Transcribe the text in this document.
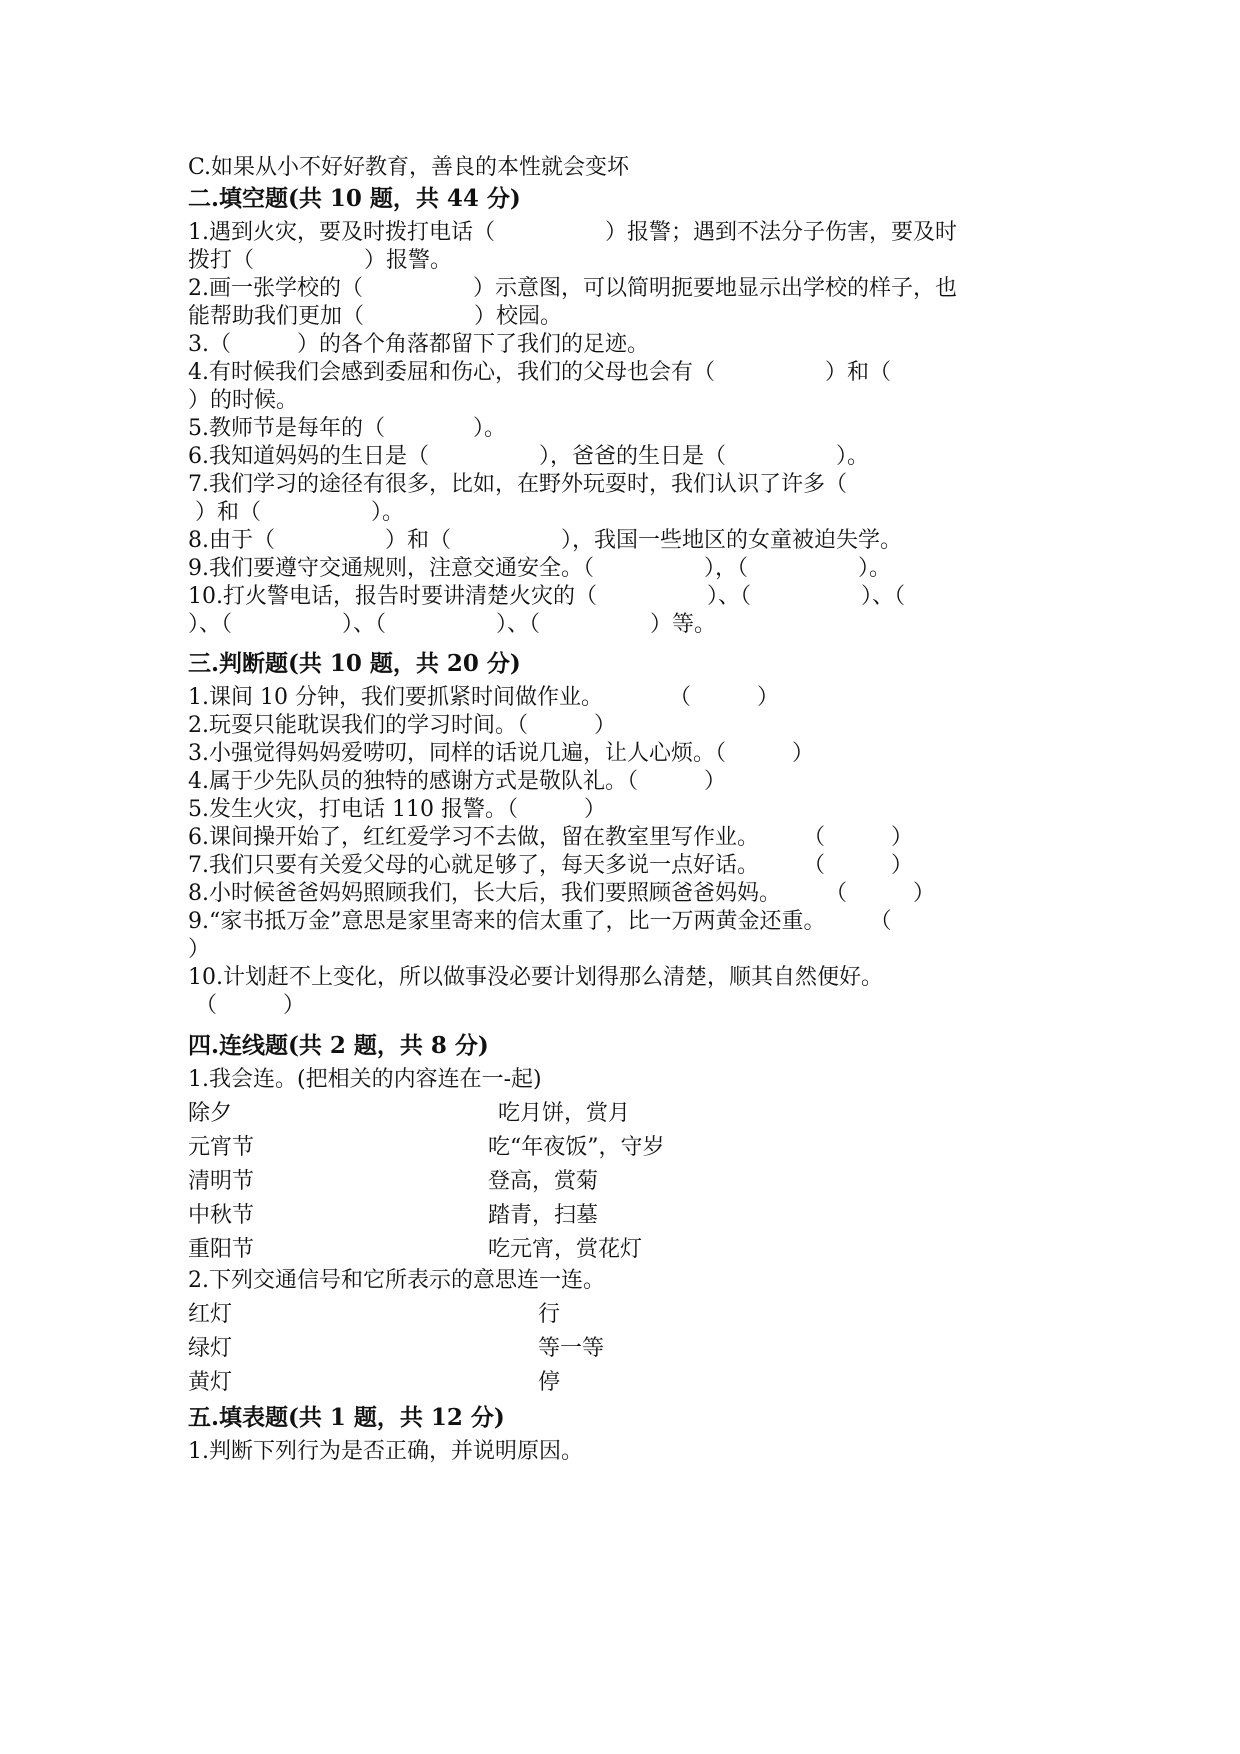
C.如果从小不好好教育，善良的本性就会变坏

二.填空题(共 10 题，共 44 分)

1.遇到火灾，要及时拨打电话（　　　　　）报警；遇到不法分子伤害，要及时

拨打（　　　　　）报警。

2.画一张学校的（　　　　　）示意图，可以简明扼要地显示出学校的样子，也

能帮助我们更加（　　　　　）校园。

3.（　　　）的各个角落都留下了我们的足迹。

4.有时候我们会感到委屈和伤心，我们的父母也会有（　　　　　）和（

）的时候。

5.教师节是每年的（　　　　）。

6.我知道妈妈的生日是（　　　　　），爸爸的生日是（　　　　　）。

7.我们学习的途径有很多，比如，在野外玩耍时，我们认识了许多（

）和（　　　　　）。

8.由于（　　　　　）和（　　　　　），我国一些地区的女童被迫失学。

9.我们要遵守交通规则，注意交通安全。（　　　　　），（　　　　　）。

10.打火警电话，报告时要讲清楚火灾的（　　　　　）、（　　　　　）、（

）、（　　　　　）、（　　　　　）、（　　　　　）等。

三.判断题(共 10 题，共 20 分)

1.课间 10 分钟，我们要抓紧时间做作业。　　　　（　　　）

2.玩耍只能耽误我们的学习时间。（　　　）

3.小强觉得妈妈爱唠叨，同样的话说几遍，让人心烦。（　　　）

4.属于少先队员的独特的感谢方式是敬队礼。（　　　）

5.发生火灾，打电话 110 报警。（　　　）

6.课间操开始了，红红爱学习不去做，留在教室里写作业。　　　（　　　）

7.我们只要有关爱父母的心就足够了，每天多说一点好话。　　　（　　　）

8.小时候爸爸妈妈照顾我们，长大后，我们要照顾爸爸妈妈。　　　（　　　）

9.“家书抵万金”意思是家里寄来的信太重了，比一万两黄金还重。　　　（

）

10.计划赶不上变化，所以做事没必要计划得那么清楚，顺其自然便好。

（　　　）

四.连线题(共 2 题，共 8 分)

1.我会连。(把相关的内容连在一-起)

除夕	吃月饼，赏月

元宵节	吃“年夜饭”，守岁

清明节	登高，赏菊

中秋节	踏青，扫墓

重阳节	吃元宵，赏花灯

2.下列交通信号和它所表示的意思连一连。

红灯	行

绿灯	等一等

黄灯	停

五.填表题(共 1 题，共 12 分)

1.判断下列行为是否正确，并说明原因。
